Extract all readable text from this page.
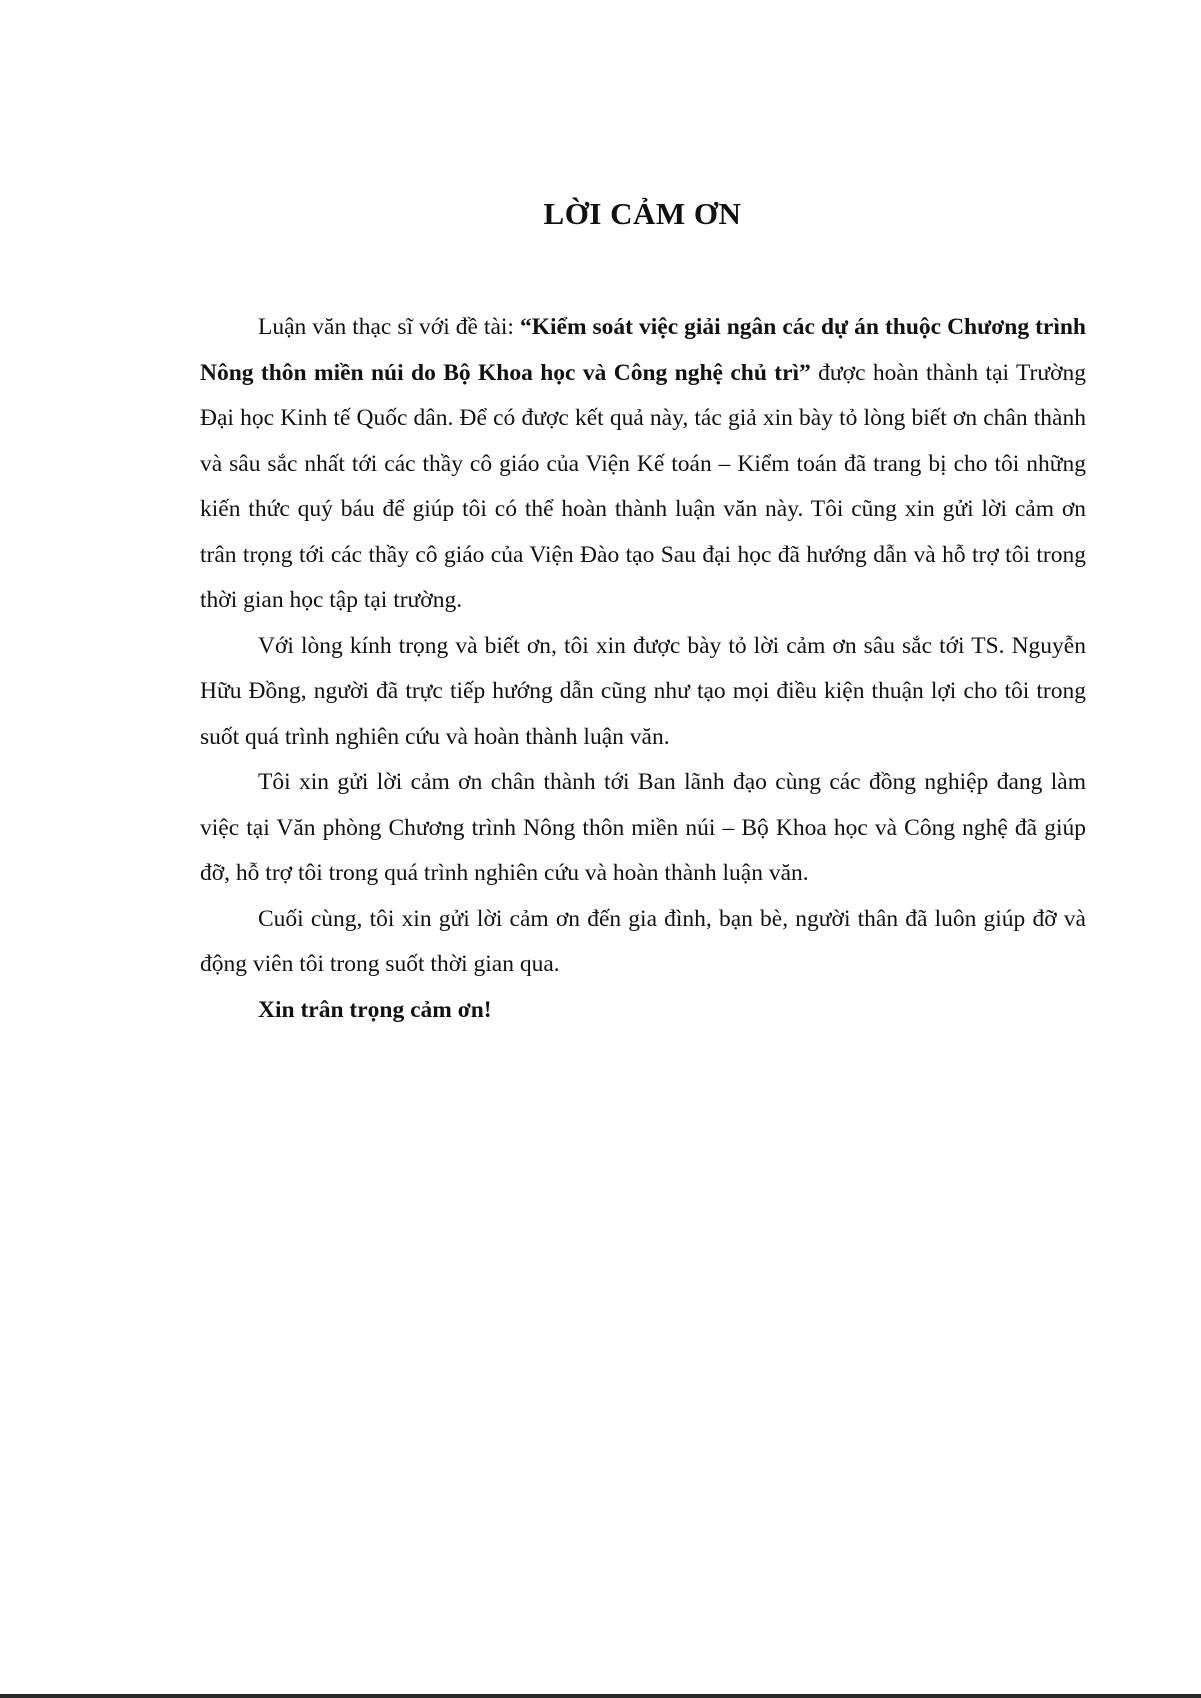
LỜI CẢM ƠN

Luận văn thạc sĩ với đề tài: “Kiểm soát việc giải ngân các dự án thuộc Chương trình Nông thôn miền núi do Bộ Khoa học và Công nghệ chủ trì” được hoàn thành tại Trường Đại học Kinh tế Quốc dân. Để có được kết quả này, tác giả xin bày tỏ lòng biết ơn chân thành và sâu sắc nhất tới các thầy cô giáo của Viện Kế toán – Kiểm toán đã trang bị cho tôi những kiến thức quý báu để giúp tôi có thể hoàn thành luận văn này. Tôi cũng xin gửi lời cảm ơn trân trọng tới các thầy cô giáo của Viện Đào tạo Sau đại học đã hướng dẫn và hỗ trợ tôi trong thời gian học tập tại trường.

Với lòng kính trọng và biết ơn, tôi xin được bày tỏ lời cảm ơn sâu sắc tới TS. Nguyễn Hữu Đồng, người đã trực tiếp hướng dẫn cũng như tạo mọi điều kiện thuận lợi cho tôi trong suốt quá trình nghiên cứu và hoàn thành luận văn.

Tôi xin gửi lời cảm ơn chân thành tới Ban lãnh đạo cùng các đồng nghiệp đang làm việc tại Văn phòng Chương trình Nông thôn miền núi – Bộ Khoa học và Công nghệ đã giúp đỡ, hỗ trợ tôi trong quá trình nghiên cứu và hoàn thành luận văn.

Cuối cùng, tôi xin gửi lời cảm ơn đến gia đình, bạn bè, người thân đã luôn giúp đỡ và động viên tôi trong suốt thời gian qua.

Xin trân trọng cảm ơn!
